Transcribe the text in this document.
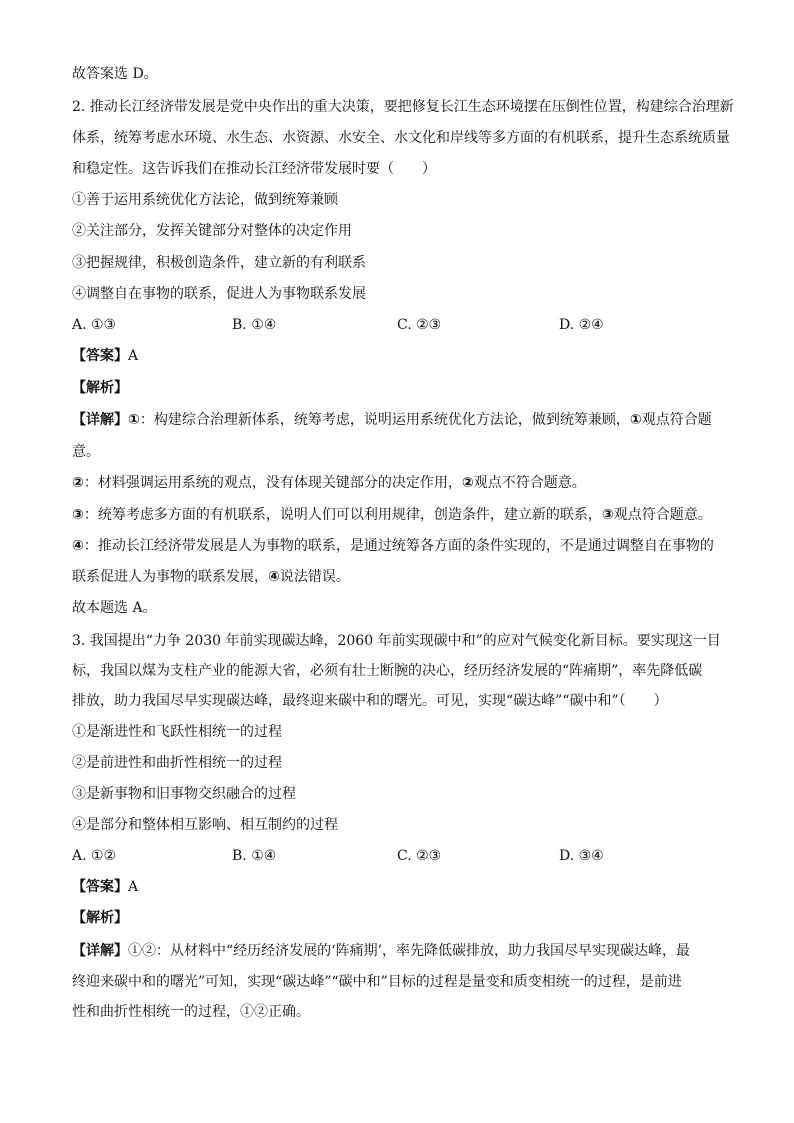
故答案选 D。
2. 推动长江经济带发展是党中央作出的重大决策，要把修复长江生态环境摆在压倒性位置，构建综合治理新
体系，统筹考虑水环境、水生态、水资源、水安全、水文化和岸线等多方面的有机联系，提升生态系统质量
和稳定性。这告诉我们在推动长江经济带发展时要（　　）
①善于运用系统优化方法论，做到统筹兼顾
②关注部分，发挥关键部分对整体的决定作用
③把握规律，积极创造条件，建立新的有利联系
④调整自在事物的联系，促进人为事物联系发展
A. ①③	B. ①④	C. ②③	D. ②④
【答案】A
【解析】
【详解】①：构建综合治理新体系，统筹考虑，说明运用系统优化方法论，做到统筹兼顾，①观点符合题
意。
②：材料强调运用系统的观点，没有体现关键部分的决定作用，②观点不符合题意。
③：统筹考虑多方面的有机联系，说明人们可以利用规律，创造条件，建立新的联系，③观点符合题意。
④：推动长江经济带发展是人为事物的联系，是通过统筹各方面的条件实现的，不是通过调整自在事物的
联系促进人为事物的联系发展，④说法错误。
故本题选 A。
3. 我国提出“力争 2030 年前实现碳达峰，2060 年前实现碳中和”的应对气候变化新目标。要实现这一目
标，我国以煤为支柱产业的能源大省，必须有壮士断腕的决心，经历经济发展的“阵痛期”，率先降低碳
排放，助力我国尽早实现碳达峰，最终迎来碳中和的曙光。可见，实现“碳达峰”“碳中和”（　　）
①是渐进性和飞跃性相统一的过程
②是前进性和曲折性相统一的过程
③是新事物和旧事物交织融合的过程
④是部分和整体相互影响、相互制约的过程
A. ①②	B. ①④	C. ②③	D. ③④
【答案】A
【解析】
【详解】①②：从材料中“经历经济发展的‘阵痛期’，率先降低碳排放，助力我国尽早实现碳达峰，最
终迎来碳中和的曙光”可知，实现“碳达峰”“碳中和”目标的过程是量变和质变相统一的过程，是前进
性和曲折性相统一的过程，①②正确。
